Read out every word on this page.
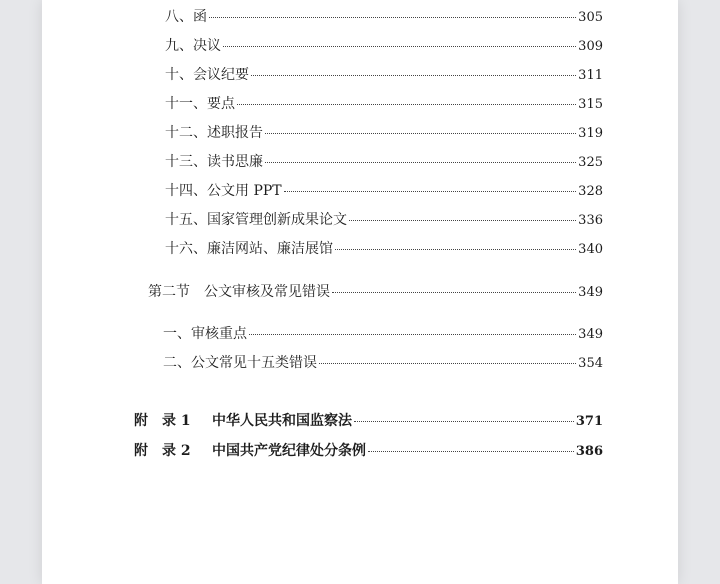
八、函	305
九、决议	309
十、会议纪要	311
十一、要点	315
十二、述职报告	319
十三、读书思廉	325
十四、公文用 PPT	328
十五、国家管理创新成果论文	336
十六、廉洁网站、廉洁展馆	340
第二节　公文审核及常见错误	349
一、审核重点	349
二、公文常见十五类错误	354
附　录 1	中华人民共和国监察法	371
附　录 2	中国共产党纪律处分条例	386
